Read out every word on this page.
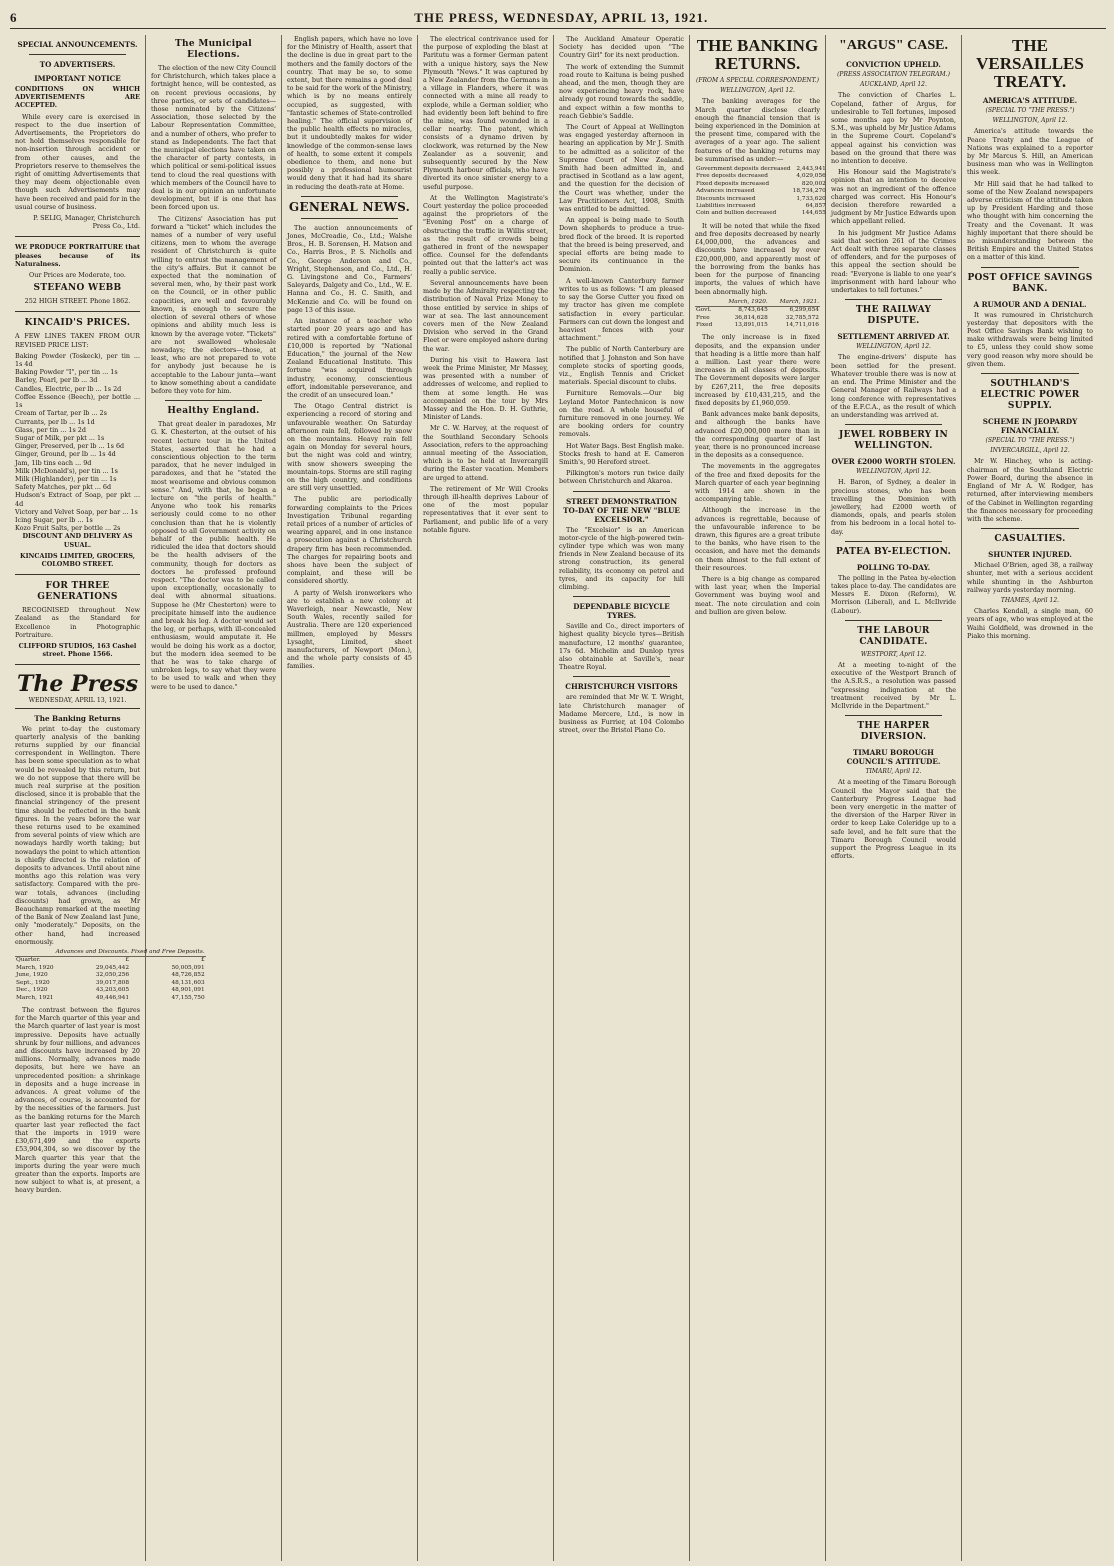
6	THE PRESS, WEDNESDAY, APRIL 13, 1921.
SPECIAL ANNOUNCEMENTS.
TO ADVERTISERS.
IMPORTANT NOTICE

CONDITIONS ON WHICH ADVERTISEMENTS ARE ACCEPTED.

While every care is exercised in respect to the due insertion of Advertisements, the Proprietors do not hold themselves responsible for non-insertion through accident or from other causes, and the Proprietors reserve to themselves the right of omitting Advertisements that they may deem objectionable even though such Advertisements may have been received and paid for in the usual course of business.

P. SELIG, Manager, Christchurch Press Co., Ltd.

WE PRODUCE PORTRAITURE that pleases because of its Naturalness.

Our Prices are Moderate, too.

STEFANO WEBB

252 HIGH STREET. Phone 1862.

KINCAID'S PRICES.

A FEW LINES TAKEN FROM OUR REVISED PRICE LIST:

Baking Powder (Toskeck), per tin ... 1s 4d
Baking Powder "I", per tin ... 1s
Barley, Pearl, per lb ... 3d
Candles, Electric, per lb ... 1s 2d
Coffee Essence (Beech), per bottle ... 1s
Cream of Tartar, per lb ... 2s
Currants, per lb ... 1s 1d
Glass, per tin ... 1s 2d
Sugar of Milk, per pkt ... 1s
Ginger, Preserved, per lb ... 1s 6d
Ginger, Ground, per lb ... 1s 4d
Jam, 1lb tins each ... 9d
Milk (McDonald's), per tin ... 1s
Milk (Highlander), per tin ... 1s
Safety Matches, per pkt ... 6d
Hudson's Extract of Soap, per pkt ... 4d
Victory and Velvet Soap, per bar ... 1s
Icing Sugar, per lb ... 1s
Kozo Fruit Salts, per bottle ... 2s

DISCOUNT AND DELIVERY AS USUAL.

KINCAIDS LIMITED, GROCERS, COLOMBO STREET.

FOR THREE GENERATIONS

RECOGNISED throughout New Zealand as the Standard for Excellence in Photographic Portraiture.

CLIFFORD STUDIOS, 163 Cashel street. Phone 1566.

The Press
WEDNESDAY, APRIL 13, 1921.
The Banking Returns

We print to-day the customary quarterly analysis of the banking returns supplied by our financial correspondent in Wellington. There has been some speculation as to what would be revealed by this return, but we do not suppose that there will be much real surprise at the position disclosed, since it is probable that the financial stringency of the present time should be reflected in the bank figures. In the years before the war these returns used to be examined from several points of view which are nowadays hardly worth taking; but nowadays the point to which attention is chiefly directed is the relation of deposits to advances. Until about nine months ago this relation was very satisfactory. Compared with the pre-war totals, advances (including discounts) had grown, as Mr Beauchamp remarked at the meeting of the Bank of New Zealand last June, only "moderately." Deposits, on the other hand, had increased enormously.

	Advances and Discounts.	Fixed and Free Deposits.
Quarter.	£	£
March, 1920	29,045,442	50,005,091
June, 1920	32,050,256	48,726,852
Sept., 1920	39,017,808	48,131,603
Dec., 1920	43,203,605	48,901,091
March, 1921	49,446,941	47,155,750

The contrast between the figures for the March quarter of this year and the March quarter of last year is most impressive. Deposits have actually shrunk by four millions, and advances and discounts have increased by 20 millions. Normally, advances made deposits, but here we have an unprecedented position: a shrinkage in deposits and a huge increase in advances. A great volume of the advances, of course, is accounted for by the necessities of the farmers. Just as the banking returns for the March quarter last year reflected the fact that the imports in 1919 were £30,671,499 and the exports £53,904,304, so we discover by the March quarter this year that the imports during the year were much greater than the exports. Imports are now subject to what is, at present, a heavy burden.

The Municipal Elections.

The election of the new City Council for Christchurch, which takes place a fortnight hence, will be contested, as on recent previous occasions, by three parties, or sets of candidates—those nominated by the Citizens' Association, those selected by the Labour Representation Committee, and a number of others, who prefer to stand as Independents. The fact that the municipal elections have taken on the character of party contests, in which political or semi-political issues tend to cloud the real questions with which members of the Council have to deal is in our opinion an unfortunate development, but if is one that has been forced upon us.

The Citizens' Association has put forward a "ticket" which includes the names of a number of very useful citizens, men to whom the average resident of Christchurch is quite willing to entrust the management of the city's affairs. But it cannot be expected that the nomination of several men, who, by their past work on the Council, or in other public capacities, are well and favourably known, is enough to secure the election of several others of whose opinions and ability much less is known by the average voter. "Tickets" are not swallowed wholesale nowadays; the electors—those, at least, who are not prepared to vote for anybody just because he is acceptable to the Labour junta—want to know something about a candidate before they vote for him.

Healthy England.

That great dealer in paradoxes, Mr G. K. Chesterton, at the outset of his recent lecture tour in the United States, asserted that he had a conscientious objection to the term paradox, that he never indulged in paradoxes, and that he "stated the most wearisome and obvious common sense." And, with that, he began a lecture on "the perils of health." Anyone who took his remarks seriously could come to no other conclusion than that he is violently opposed to all Government activity on behalf of the public health. He ridiculed the idea that doctors should be the health advisers of the community, though for doctors as doctors he professed profound respect. "The doctor was to be called upon exceptionally, occasionally to deal with abnormal situations. Suppose he (Mr Chesterton) were to precipitate himself into the audience and break his leg. A doctor would set the leg, or perhaps, with ill-concealed enthusiasm, would amputate it. He would be doing his work as a doctor, but the modern idea seemed to be that he was to take charge of unbroken legs, to say what they were to be used to walk and when they were to be used to dance."

English papers, which have no love for the Ministry of Health, assert that the decline is due in great part to the mothers and the family doctors of the country. That may be so, to some extent, but there remains a good deal to be said for the work of the Ministry, which is by no means entirely occupied, as suggested, with "fantastic schemes of State-controlled healing." The official supervision of the public health effects no miracles, but it undoubtedly makes for wider knowledge of the common-sense laws of health, to some extent it compels obedience to them, and none but possibly a professional humourist would deny that it had had its share in reducing the death-rate at Home.

GENERAL NEWS.

The auction announcements of Jones, McCreadie, Co., Ltd.; Walshe Bros., H. B. Sorensen, H. Matson and Co., Harris Bros., P. S. Nicholls and Co., George Anderson and Co., Wright, Stephenson, and Co., Ltd., H. G. Livingstone and Co., Farmers' Saleyards, Dalgety and Co., Ltd., W. E. Hanna and Co., H. C. Smith, and McKenzie and Co. will be found on page 13 of this issue.

An instance of a teacher who started poor 20 years ago and has retired with a comfortable fortune of £10,000 is reported by "National Education," the journal of the New Zealand Educational Institute. This fortune "was acquired through industry, economy, conscientious effort, indomitable perseverance, and the credit of an unsecured loan."

The Otago Central district is experiencing a record of storing and unfavourable weather. On Saturday afternoon rain fell, followed by snow on the mountains. Heavy rain fell again on Monday for several hours, but the night was cold and wintry, with snow showers sweeping the mountain-tops. Storms are still raging on the high country, and conditions are still very unsettled.

The public are periodically forwarding complaints to the Prices Investigation Tribunal regarding retail prices of a number of articles of wearing apparel, and in one instance a prosecution against a Christchurch drapery firm has been recommended. The charges for repairing boots and shoes have been the subject of complaint, and these will be considered shortly.

A party of Welsh ironworkers who are to establish a new colony at Waverleigh, near Newcastle, New South Wales, recently sailed for Australia. There are 120 experienced millmen, employed by Messrs Lysaght, Limited, sheet manufacturers, of Newport (Mon.), and the whole party consists of 45 families.

The electrical contrivance used for the purpose of exploding the blast at Paritutu was a former German patent with a unique history, says the New Plymouth "News." It was captured by a New Zealander from the Germans in a village in Flanders, where it was connected with a mine all ready to explode, while a German soldier, who had evidently been left behind to fire the mine, was found wounded in a cellar nearby. The patent, which consists of a dynamo driven by clockwork, was returned by the New Zealander as a souvenir, and subsequently secured by the New Plymouth harbour officials, who have diverted its once sinister energy to a useful purpose.

At the Wellington Magistrate's Court yesterday the police proceeded against the proprietors of the "Evening Post" on a charge of obstructing the traffic in Willis street, as the result of crowds being gathered in front of the newspaper office. Counsel for the defendants pointed out that the latter's act was really a public service.

Several announcements have been made by the Admiralty respecting the distribution of Naval Prize Money to those entitled by service in ships of war at sea. The last announcement covers men of the New Zealand Division who served in the Grand Fleet or were employed ashore during the war.

During his visit to Hawera last week the Prime Minister, Mr Massey, was presented with a number of addresses of welcome, and replied to them at some length. He was accompanied on the tour by Mrs Massey and the Hon. D. H. Guthrie, Minister of Lands.

Mr C. W. Harvey, at the request of the Southland Secondary Schools Association, refers to the approaching annual meeting of the Association, which is to be held at Invercargill during the Easter vacation. Members are urged to attend.

The retirement of Mr Will Crooks through ill-health deprives Labour of one of the most popular representatives that it ever sent to Parliament, and public life of a very notable figure.

The Auckland Amateur Operatic Society has decided upon "The Country Girl" for its next production.

The work of extending the Summit road route to Kaituna is being pushed ahead, and the men, though they are now experiencing heavy rock, have already got round towards the saddle, and expect within a few months to reach Gebbie's Saddle.

The Court of Appeal at Wellington was engaged yesterday afternoon in hearing an application by Mr J. Smith to be admitted as a solicitor of the Supreme Court of New Zealand. Smith had been admitted in, and practised in Scotland as a law agent, and the question for the decision of the Court was whether, under the Law Practitioners Act, 1908, Smith was entitled to be admitted.

An appeal is being made to South Down shepherds to produce a true-bred flock of the breed. It is reported that the breed is being preserved, and special efforts are being made to secure its continuance in the Dominion.

A well-known Canterbury farmer writes to us as follows: "I am pleased to say the Gorse Cutter you fixed on my tractor has given me complete satisfaction in every particular. Farmers can cut down the longest and heaviest fences with your attachment."

The public of North Canterbury are notified that J. Johnston and Son have complete stocks of sporting goods, viz., English Tennis and Cricket materials. Special discount to clubs.

Furniture Removals.—Our big Leyland Motor Pantechnicon is now on the road. A whole houseful of furniture removed in one journey. We are booking orders for country removals.

Hot Water Bags. Best English make. Stocks fresh to hand at E. Cameron Smith's, 90 Hereford street.

Pilkington's motors run twice daily between Christchurch and Akaroa.

STREET DEMONSTRATION TO-DAY OF THE NEW "BLUE EXCELSIOR."

The "Excelsior" is an American motor-cycle of the high-powered twin-cylinder type which was won many friends in New Zealand because of its strong construction, its general reliability, its economy on petrol and tyres, and its capacity for hill climbing.

DEPENDABLE BICYCLE TYRES.

Saville and Co., direct importers of highest quality bicycle tyres—British manufacture, 12 months' guarantee, 17s 6d. Michelin and Dunlop tyres also obtainable at Saville's, near Theatre Royal.

CHRISTCHURCH VISITORS

are reminded that Mr W. T. Wright, late Christchurch manager of Madame Mercere, Ltd., is now in business as Furrier, at 104 Colombo street, over the Bristol Piano Co.

THE BANKING RETURNS.
(FROM A SPECIAL CORRESPONDENT.)
WELLINGTON, April 12.

The banking averages for the March quarter disclose clearly enough the financial tension that is being experienced in the Dominion at the present time, compared with the averages of a year ago. The salient features of the banking returns may be summarised as under:—

Government deposits decreased	2,443,941
Free deposits decreased	4,029,056
Fixed deposits increased	820,002
Advances increased	18,734,270
Discounts increased	1,733,620
Liabilities increased	64,857
Coin and bullion decreased	144,655

It will be noted that while the fixed and free deposits decreased by nearly £4,000,000, the advances and discounts have increased by over £20,000,000, and apparently most of the borrowing from the banks has been for the purpose of financing imports, the values of which have been abnormally high.

	March, 1920.	March, 1921.
Govt.	8,743,645	6,299,654
Free	36,814,628	32,785,572
Fixed	13,891,015	14,711,016

The only increase is in fixed deposits, and the expansion under that heading is a little more than half a million. Last year there were increases in all classes of deposits. The Government deposits were larger by £267,211, the free deposits increased by £10,431,215, and the fixed deposits by £1,960,059.

Bank advances make bank deposits, and although the banks have advanced £20,000,000 more than in the corresponding quarter of last year, there is no pronounced increase in the deposits as a consequence.

The movements in the aggregates of the free and fixed deposits for the March quarter of each year beginning with 1914 are shown in the accompanying table.

Although the increase in the advances is regrettable, because of the unfavourable inference to be drawn, this figures are a great tribute to the banks, who have risen to the occasion, and have met the demands on them almost to the full extent of their resources.

There is a big change as compared with last year, when the Imperial Government was buying wool and meat. The note circulation and coin and bullion are given below.

"ARGUS" CASE.
CONVICTION UPHELD.
(PRESS ASSOCIATION TELEGRAM.)
AUCKLAND, April 12.

The conviction of Charles L. Copeland, father of Argus, for undesirable to Tell fortunes, imposed some months ago by Mr Poynton, S.M., was upheld by Mr Justice Adams in the Supreme Court. Copeland's appeal against his conviction was based on the ground that there was no intention to deceive.

His Honour said the Magistrate's opinion that an intention to deceive was not an ingredient of the offence charged was correct. His Honour's decision therefore rewarded a judgment by Mr Justice Edwards upon which appellant relied.

In his judgment Mr Justice Adams said that section 261 of the Crimes Act dealt with three separate classes of offenders, and for the purposes of this appeal the section should be read: "Everyone is liable to one year's imprisonment with hard labour who undertakes to tell fortunes."

THE RAILWAY DISPUTE.
SETTLEMENT ARRIVED AT.
WELLINGTON, April 12.

The engine-drivers' dispute has been settled for the present. Whatever trouble there was is now at an end. The Prime Minister and the General Manager of Railways had a long conference with representatives of the E.F.C.A., as the result of which an understanding was arrived at.

JEWEL ROBBERY IN WELLINGTON.
OVER £2000 WORTH STOLEN.
WELLINGTON, April 12.

H. Baron, of Sydney, a dealer in precious stones, who has been travelling the Dominion with jewellery, had £2000 worth of diamonds, opals, and pearls stolen from his bedroom in a local hotel to-day.

PATEA BY-ELECTION.
POLLING TO-DAY.

The polling in the Patea by-election takes place to-day. The candidates are Messrs E. Dixon (Reform), W. Morrison (Liberal), and L. McIlvride (Labour).

THE LABOUR CANDIDATE.
WESTPORT, April 12.

At a meeting to-night of the executive of the Westport Branch of the A.S.R.S., a resolution was passed "expressing indignation at the treatment received by Mr L. McIlvride in the Department."

THE HARPER DIVERSION.
TIMARU BOROUGH COUNCIL'S ATTITUDE.
TIMARU, April 12.

At a meeting of the Timaru Borough Council the Mayor said that the Canterbury Progress League had been very energetic in the matter of the diversion of the Harper River in order to keep Lake Coleridge up to a safe level, and he felt sure that the Timaru Borough Council would support the Progress League in its efforts.

THE VERSAILLES TREATY.
AMERICA'S ATTITUDE.
(SPECIAL TO "THE PRESS.")
WELLINGTON, April 12.

America's attitude towards the Peace Treaty and the League of Nations was explained to a reporter by Mr Marcus S. Hill, an American business man who was in Wellington this week.

Mr Hill said that he had talked to some of the New Zealand newspapers adverse criticism of the attitude taken up by President Harding and those who thought with him concerning the Treaty and the Covenant. It was highly important that there should be no misunderstanding between the British Empire and the United States on a matter of this kind.

POST OFFICE SAVINGS BANK.
A RUMOUR AND A DENIAL.

It was rumoured in Christchurch yesterday that depositors with the Post Office Savings Bank wishing to make withdrawals were being limited to £5, unless they could show some very good reason why more should be given them.

SOUTHLAND'S ELECTRIC POWER SUPPLY.
SCHEME IN JEOPARDY FINANCIALLY.
(SPECIAL TO "THE PRESS.")
INVERCARGILL, April 12.

Mr W. Hinchey, who is acting-chairman of the Southland Electric Power Board, during the absence in England of Mr A. W. Rodger, has returned, after interviewing members of the Cabinet in Wellington regarding the finances necessary for proceeding with the scheme.

CASUALTIES.
SHUNTER INJURED.

Michael O'Brien, aged 38, a railway shunter, met with a serious accident while shunting in the Ashburton railway yards yesterday morning.

THAMES, April 12.

Charles Kendall, a single man, 60 years of age, who was employed at the Waihi Goldfield, was drowned in the Piako this morning.
